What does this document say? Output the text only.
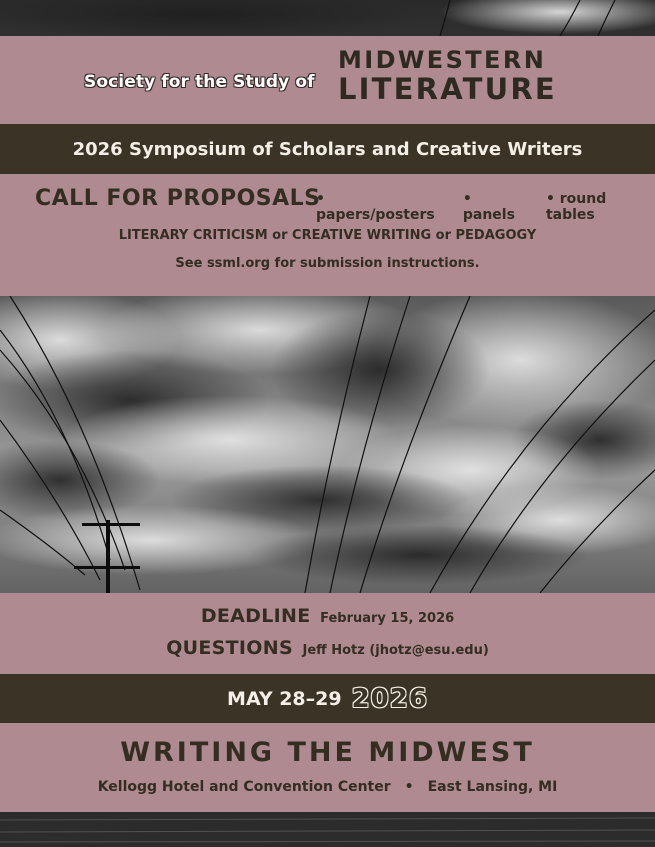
Society for the Study of
MIDWESTERN
LITERATURE
2026 Symposium of Scholars and Creative Writers
CALL FOR PROPOSALS
• papers/posters
•	panels
• round tables
LITERARY CRITICISM or CREATIVE WRITING or PEDAGOGY
See ssml.org for submission instructions.
DEADLINE February 15, 2026
QUESTIONS Jeff Hotz (jhotz@esu.edu)
MAY 28–29 2026
WRITING THE MIDWEST
Kellogg Hotel and Convention Center • East Lansing, MI
